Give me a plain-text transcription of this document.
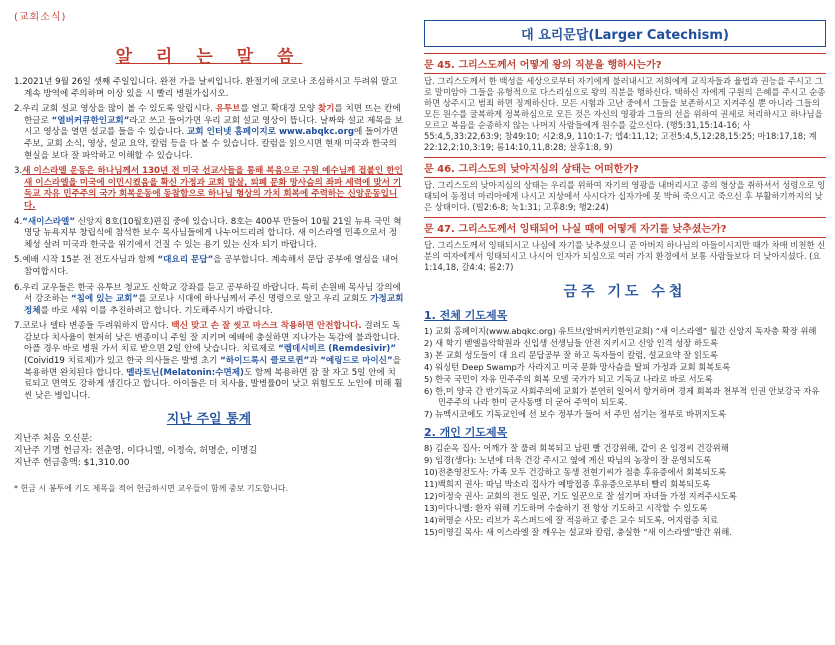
(교회소식)
알 리 는 말 씀
1.2021년 9월 26일 셋째 주일입니다. 완전 가을 날씨입니다. 환절기에 코로나 조심하시고 두려워 말고 계속 방역에 주의하며 이상 있을 시 빨리 병원가십시오.
2.우리 교회 설교 영상을 많이 볼 수 있도록 알립시다. 유투브를 열고 확대경 모양 찾기를 치면 뜨는 칸에 한글로 “열버커큐한인교회”라고 쓰고 들어가면 우리 교회 설교 영상이 뜹니다. 날짜와 설교 제목을 보시고 영상을 열면 설교를 들을 수 있습니다. 교회 인터넷 홈페이지로 www.abqkc.org에 들어가면 주보, 교회 소식, 영상, 설교 요약, 칼럼 등을 다 볼 수 있습니다. 칼럼을 읽으시면 현재 미국과 한국의 현실을 보다 잘 파악하고 이해할 수 있습니다.
3.새 이스라엘 운동은 하나님께서 130년 전 미국 선교사들을 통해 복음으로 구원 예수님께 접붙인 한인 새 이스라엘을 미국에 이민시켰음을 확신 가정과 교회 말살, 퇴폐 문화 망사슴의 좌파 세력에 맞서 기독교 자유 민주주의 국가 회복운동에 동참함으로 하나님 형상의 가치 회복에 주력하는 신앙운동입니다.
4.“새이스라엘” 신앙지 8호(10월호)편집 중에 있습니다. 8호는 400부 만들어 10월 21일 뉴욕 국민 혁명당 뉴욕지부 창립식에 참석한 보수 목사님들에게 나누어드리려 합니다. 새 이스라엘 민족으로서 정체성 살려 미국과 한국을 위기에서 건질 수 있는 용기 있는 신자 되기 바랍니다.
5.예배 시작 15분 전 전도사님과 함께 “대요리 문답”을 공부합니다. 계속해서 문답 공부에 열심을 내어 참여합시다.
6.우리 교우들은 한국 유투브 청교도 신학교 강좌를 듣고 공부하길 바랍니다. 특히 손원배 목사님 강의에서 강조하는 “침에 있는 교회”를 코로나 시대에 하나님께서 주신 명령으로 알고 우리 교회도 가정교회 정체를 바로 세워 이를 추진하려고 합니다. 기도해주시기 바랍니다.
7.코로나 델타 변종들 두려워하지 맙시다. 백신 맞고 손 잘 씻고 마스크 착용하면 안전합니다. 걸려도 독감보다 치사율이 현저히 낮은 변종이니 주일 잘 지키며 예배에 충실하면 지나가는 독감에 불과합니다. 아플 경우 바로 병원 가서 치료 받으면 2일 안에 낫습니다. 치료제로 “렘데시비르 (Remdesivir)” (Coivid19 치료제)가 있고 한국 의사들은 발병 초기 “하이드록시 클로로퀸”과 “예링드로 마이신”을 복용하면 완치된다 합니다. 멜라토닌(Melatonin:수면제)도 함께 복용하면 잠 잘 자고 5일 안에 치료되고 면역도 강하게 생긴다고 합니다. 아이들은 더 치사율, 발병률0이 낮고 위험도도 노인에 비해 훨씬 낮은 병입니다.
지난 주일 통계
지난주 처음 오신분:
지난주 기명 헌금자: 전춘영, 이다니엘, 이정숙, 허명순, 이명길
지난주 헌금총액: $1,310.00
* 헌금 시 봉투에 기도 제목을 적어 헌금하시면 교우들이 함께 중보 기도합니다.
대 요리문답(Larger Catechism)
문 45. 그리스도께서 어떻게 왕의 직분을 행하시는가?
답. 그리스도께서 한 백성을 세상으로부터 자기에게 불러내시고 저희에게 교직자들과 율법과 권능을 주시고 그로 말미암아 그들을 유형적으로 다스리심으로 왕의 직분을 행하신다. 택하신 자에게 구원의 은혜를 주시고 순종하면 상주시고 범죄 하면 징계하신다. 모든 시험과 고난 중에서 그들을 보존하시고 지켜주실 뿐 아니라 그들의 모든 원수를 굴복하게 정복하심으로 모든 것은 자신의 영광과 그들의 선을 위하여 권세로 처리하시고 하나님을 모르고 복음을 순종하지 않는 나머지 사람들에게 원수를 갚으신다. (행5:31,15:14-16; 사55:4,5,33:22,63:9; 창49:10; 시2:8,9, 110:1-7; 엡4:11,12; 고전5:4,5,12:28,15:25; 마18:17,18; 계22:12,2:10,3:19; 롬14:10,11,8:28; 살후1:8, 9)
문 46. 그리스도의 낮아지심의 상태는 어떠한가?
답. 그리스도의 낮아지심의 상태는 우리를 위하여 자기의 영광을 내버리시고 종의 형상을 취하셔서 성령으로 잉태되어 동정녀 마리아에게 나시고 지상에서 사시다가 십자가에 못 박혀 죽으시고 죽으신 후 부활하기까지의 낮은 상태이다. (빌2:6-8; 눅1:31; 고후8:9; 행2:24)
문 47. 그리스도께서 잉태되어 나실 때에 어떻게 자기를 낮추셨는가?
답. 그리스도께서 잉태되시고 나심에 자기를 낮추셨으니 곧 아버지 하나님의 아들이시지만 때가 차매 비천한 신분의 여자에게서 잉태되시고 나시어 인자가 되심으로 여러 가지 환경에서 보통 사람들보다 더 낮아지셨다. (요1:14,18, 갈4:4; 롬2:7)
금주 기도 수첩
1. 전체 기도제목
1) 교회 홈페이지(www.abqkc.org) 유트브(알버커키한인교회) “새 이스라엘” 월간 신앙지 독자층 확장 위해
2) 새 학기 벧엘음악학원과 신입생 선생님들 안전 지키시고 신앙 인격 성장 하도록
3) 본 교회 성도들이 대 요리 문답공부 잘 하고 독자들이 칼럼, 설교요약 잘 읽도록
4) 워싱턴 Deep Swamp가 사라지고 미국 문화 망사슴을 탈피 가정과 교회 회복토록
5) 한국 국민이 자유 민주주의 회복 모델 국가가 되고 기독교 나라로 바로 서도록
6) 한,미 양국 간 반기독교 사회주의에 교회가 분연히 일어서 항거하며 경제 회복과 천부적 인권 안보강국 자유 민주주의 나라 한미 군사동맹 더 굳어 주역이 되도록.
7) 뉴멕시코에도 기독교인에 선 보수 정부가 들어 서 주민 섬기는 정부로 바뀌지도록
2. 개인 기도제목
8) 김순옥 집사: 어깨가 잘 풀려 회복되고 남편 빨 건강위해, 같이 온 임경씨 건강위해
9) 임경(생다): 노년에 더욱 건강 주시고 옆에 게신 따님의 농장이 잘 운영되도록
10)전춘영전도사: 가족 모두 건강하고 동생 전현기씨가 점층 후유증에서 회복되도록
11)백희지 권사: 따님 박소리 집사가 예방접종 후유증으로부터 빨리 회복되도록
12)이정숙 권사: 교회의 전도 일꾼, 기도 일꾼으로 잘 섬기며 자녀들 가정 지켜주시도록
13)이다니엘: 환자 위해 기도하며 수술하기 전 항상 기도하고 시작할 수 있도록
14)허명순 사모: 리브가 옥스퍼드에 잘 적응하고 좋은 교수 되도록, 어지럼증 치료
15)이명길 목사: 새 이스라엘 잘 깨우는 설교와 칼럼, 충실한 “새 이스라엘”발간 위해.
